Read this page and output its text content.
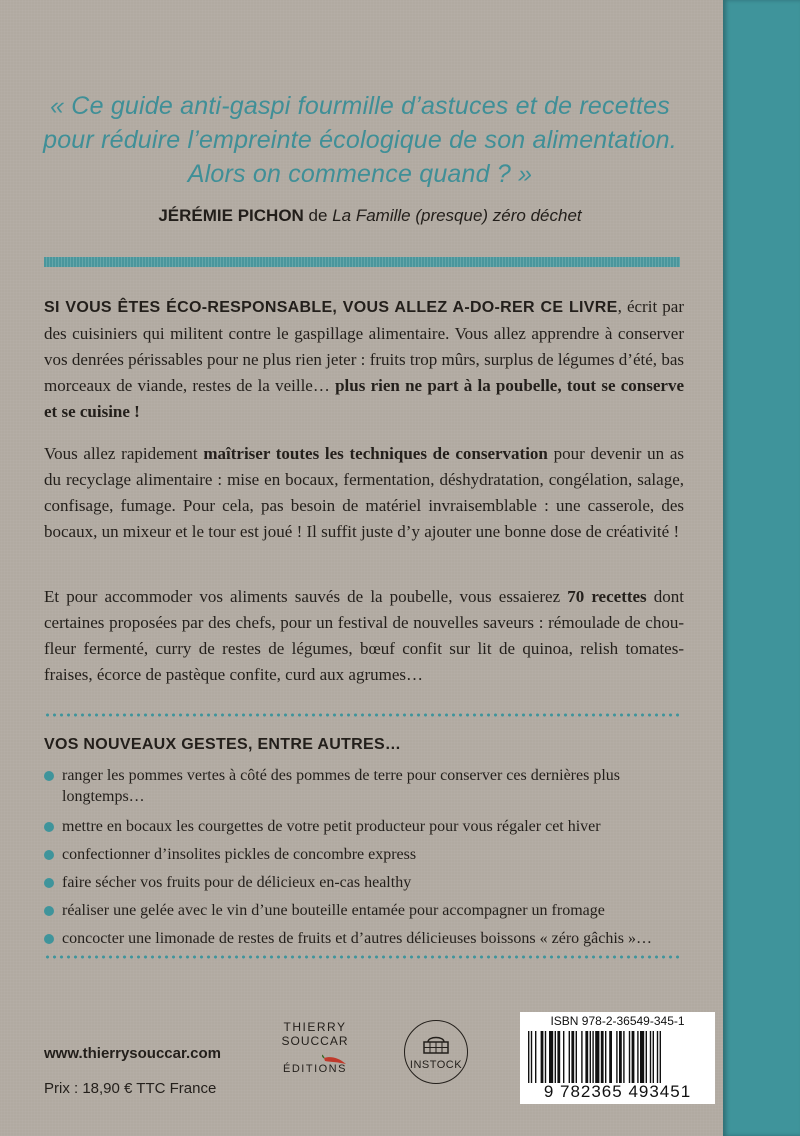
« Ce guide anti-gaspi fourmille d’astuces et de recettes
pour réduire l’empreinte écologique de son alimentation.
Alors on commence quand ? »
JÉRÉMIE PICHON de La Famille (presque) zéro déchet

SI VOUS ÊTES ÉCO-RESPONSABLE, VOUS ALLEZ A-DO-RER CE LIVRE, écrit par des cuisiniers qui militent contre le gaspillage alimentaire. Vous allez apprendre à conserver vos denrées périssables pour ne plus rien jeter : fruits trop mûrs, surplus de légumes d’été, bas morceaux de viande, restes de la veille… plus rien ne part à la poubelle, tout se conserve et se cuisine !

Vous allez rapidement maîtriser toutes les techniques de conservation pour devenir un as du recyclage alimentaire : mise en bocaux, fermentation, déshydratation, congélation, salage, confisage, fumage. Pour cela, pas besoin de matériel invraisemblable : une casserole, des bocaux, un mixeur et le tour est joué ! Il suffit juste d’y ajouter une bonne dose de créativité !

Et pour accommoder vos aliments sauvés de la poubelle, vous essaierez 70 recettes dont certaines proposées par des chefs, pour un festival de nouvelles saveurs : rémoulade de chou-fleur fermenté, curry de restes de légumes, bœuf confit sur lit de quinoa, relish tomates-fraises, écorce de pastèque confite, curd aux agrumes…

VOS NOUVEAUX GESTES, ENTRE AUTRES…
ranger les pommes vertes à côté des pommes de terre pour conserver ces dernières plus longtemps…
mettre en bocaux les courgettes de votre petit producteur pour vous régaler cet hiver
confectionner d’insolites pickles de concombre express
faire sécher vos fruits pour de délicieux en-cas healthy
réaliser une gelée avec le vin d’une bouteille entamée pour accompagner un fromage
concocter une limonade de restes de fruits et d’autres délicieuses boissons « zéro gâchis »…
www.thierrysouccar.com
Prix : 18,90 € TTC France
THIERRY
SOUCCAR
ÉDITIONS	INSTOCK
ISBN 978-2-36549-345-1
9 782365 493451
